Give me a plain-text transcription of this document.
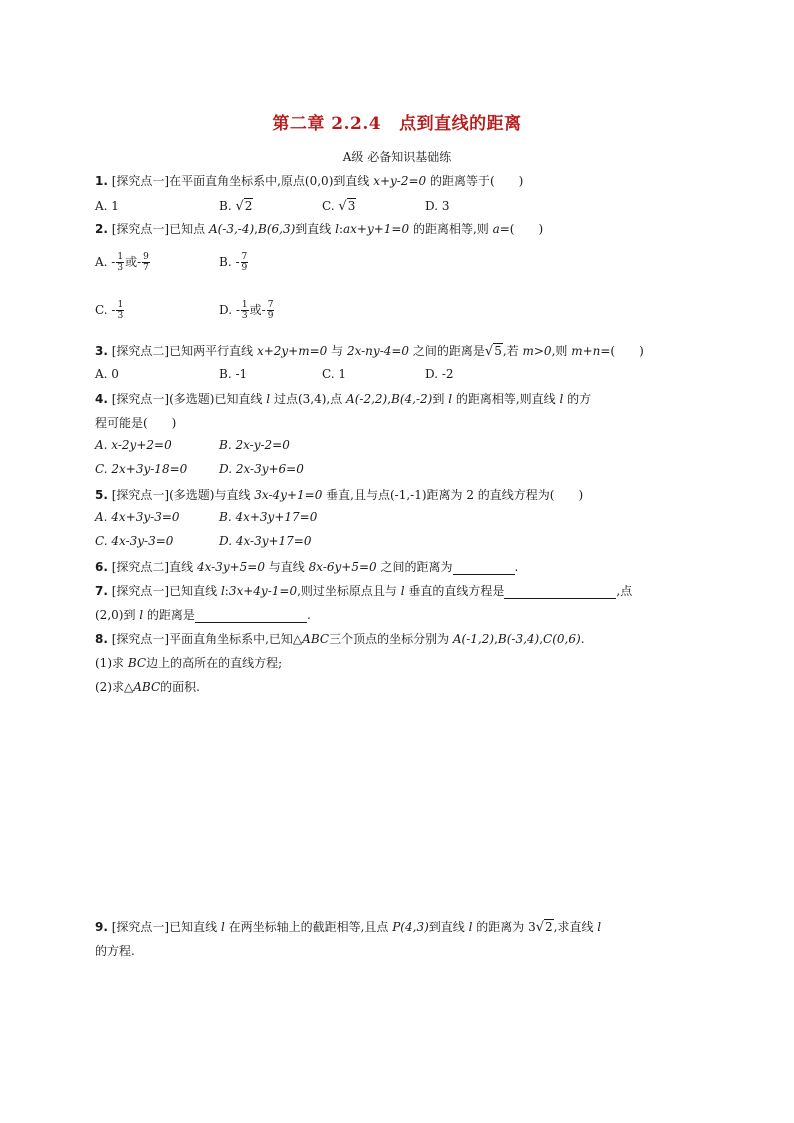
第二章 2.2.4 点到直线的距离
A级 必备知识基础练
1. [探究点一]在平面直角坐标系中,原点(0,0)到直线 x+y-2=0 的距离等于(　　)
A. 1	B. √2	C. √3	D. 3
2. [探究点一]已知点 A(-3,-4),B(6,3)到直线 l:ax+y+1=0 的距离相等,则 a=(　　)
A. - $\frac{1}{3}$ 或- $\frac{9}{7}$	B. - $\frac{7}{9}$
C. - $\frac{1}{3}$	D. - $\frac{1}{3}$ 或- $\frac{7}{9}$
3. [探究点二]已知两平行直线 x+2y+m=0 与 2x-ny-4=0 之间的距离是√5,若 m>0,则 m+n=(　　)
A. 0	B. -1	C. 1	D. -2
4. [探究点一](多选题)已知直线 l 过点(3,4),点 A(-2,2),B(4,-2)到 l 的距离相等,则直线 l 的方
程可能是(　　)
A. x-2y+2=0	B. 2x-y-2=0
C. 2x+3y-18=0	D. 2x-3y+6=0
5. [探究点一](多选题)与直线 3x-4y+1=0 垂直,且与点(-1,-1)距离为 2 的直线方程为(　　)
A. 4x+3y-3=0	B. 4x+3y+17=0
C. 4x-3y-3=0	D. 4x-3y+17=0
6. [探究点二]直线 4x-3y+5=0 与直线 8x-6y+5=0 之间的距离为	.
7. [探究点一]已知直线 l:3x+4y-1=0,则过坐标原点且与 l 垂直的直线方程是	,点
(2,0)到 l 的距离是	.
8. [探究点一]平面直角坐标系中,已知△ABC三个顶点的坐标分别为 A(-1,2),B(-3,4),C(0,6).
(1)求 BC边上的高所在的直线方程;
(2)求△ABC的面积.
9. [探究点一]已知直线 l 在两坐标轴上的截距相等,且点 P(4,3)到直线 l 的距离为 3√2,求直线 l
的方程.
